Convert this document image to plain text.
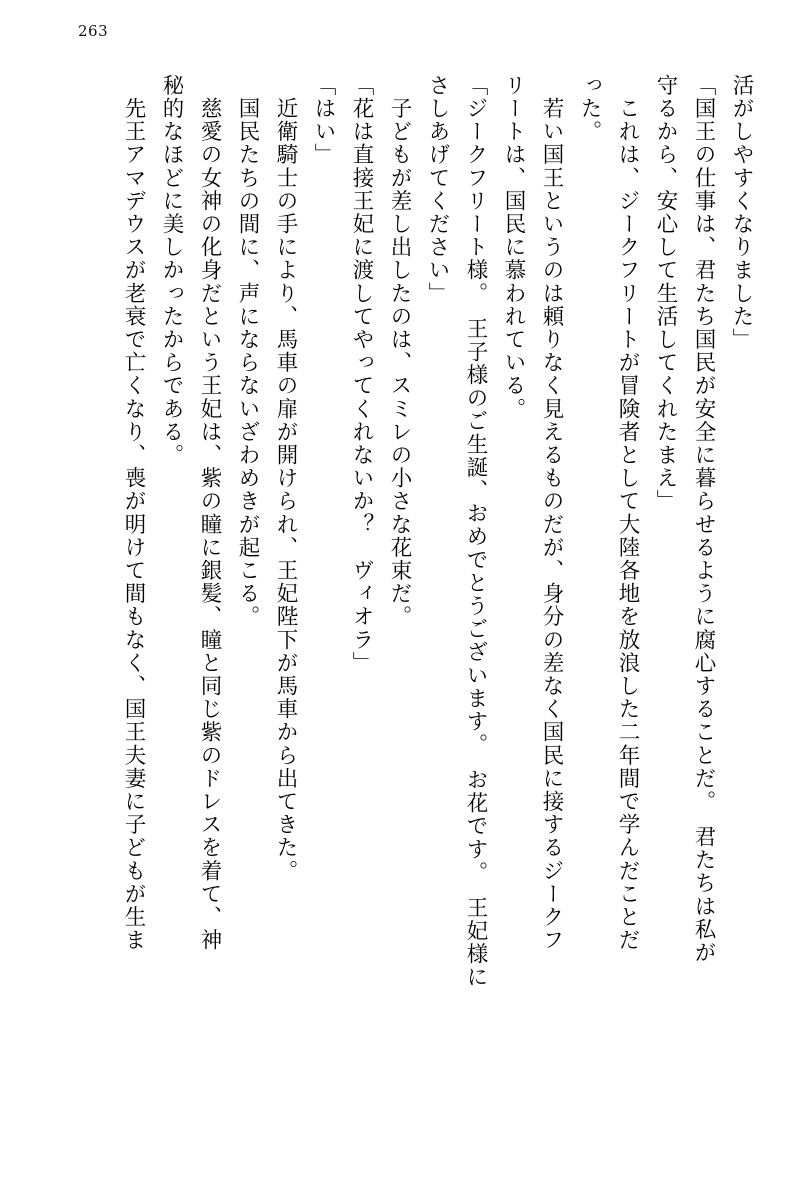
263
　先王アマデウスが老衰で亡くなり、喪が明けて間もなく、国王夫妻に子どもが生ま 秘的なほどに美しかったからである。 　慈愛の女神の化身だという王妃は、紫の瞳に銀髪、瞳と同じ紫のドレスを着て、神 　国民たちの間に、声にならないざわめきが起こる。 　近衛騎士の手により、馬車の扉が開けられ、王妃陛下が馬車から出てきた。 「はい」 「花は直接王妃に渡してやってくれないか？　ヴィオラ」 　子どもが差し出したのは、スミレの小さな花束だ。 さしあげてください」 「ジークフリート様。　王子様のご生誕、おめでとうございます。　お花です。　王妃様に リートは、国民に慕われている。 　若い国王というのは頼りなく見えるものだが、身分の差なく国民に接するジークフ った。 　これは、ジークフリートが冒険者として大陸各地を放浪した二年間で学んだことだ 守るから、安心して生活してくれたまえ」 「国王の仕事は、君たち国民が安全に暮らせるように腐心することだ。　君たちは私が 活がしやすくなりました」
